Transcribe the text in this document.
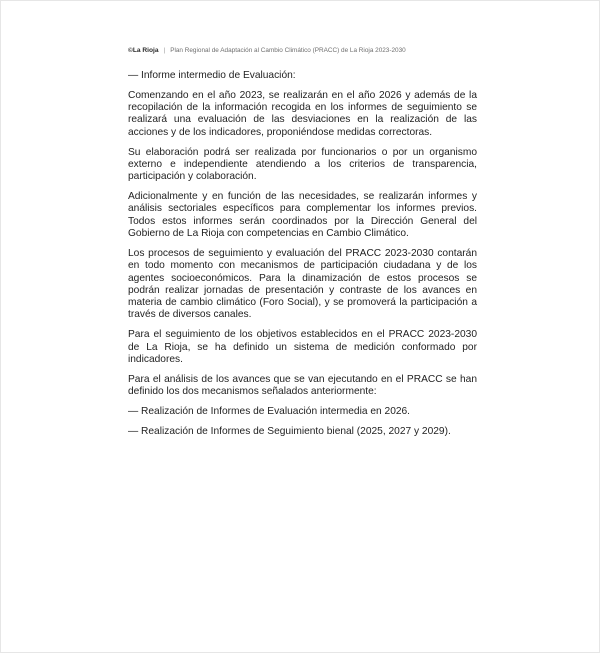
©La Rioja | Plan Regional de Adaptación al Cambio Climático (PRACC) de La Rioja 2023-2030

— Informe intermedio de Evaluación:

Comenzando en el año 2023, se realizarán en el año 2026 y además de la recopilación de la información recogida en los informes de seguimiento se realizará una evaluación de las desviaciones en la realización de las acciones y de los indicadores, proponiéndose medidas correctoras.

Su elaboración podrá ser realizada por funcionarios o por un organismo externo e independiente atendiendo a los criterios de transparencia, participación y colaboración.

Adicionalmente y en función de las necesidades, se realizarán informes y análisis sectoriales específicos para complementar los informes previos. Todos estos informes serán coordinados por la Dirección General del Gobierno de La Rioja con competencias en Cambio Climático.

Los procesos de seguimiento y evaluación del PRACC 2023-2030 contarán en todo momento con mecanismos de participación ciudadana y de los agentes socioeconómicos. Para la dinamización de estos procesos se podrán realizar jornadas de presentación y contraste de los avances en materia de cambio climático (Foro Social), y se promoverá la participación a través de diversos canales.

Para el seguimiento de los objetivos establecidos en el PRACC 2023-2030 de La Rioja, se ha definido un sistema de medición conformado por indicadores.

Para el análisis de los avances que se van ejecutando en el PRACC se han definido los dos mecanismos señalados anteriormente:

— Realización de Informes de Evaluación intermedia en 2026.

— Realización de Informes de Seguimiento bienal (2025, 2027 y 2029).
